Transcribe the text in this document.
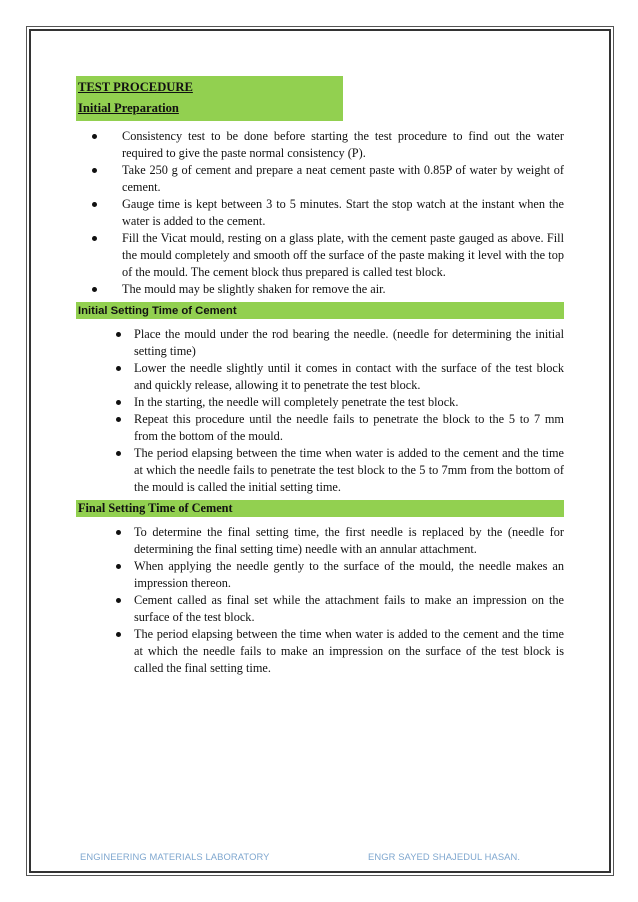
TEST PROCEDURE
Initial Preparation
Consistency test to be done before starting the test procedure to find out the water required to give the paste normal consistency (P).
Take 250 g of cement and prepare a neat cement paste with 0.85P of water by weight of cement.
Gauge time is kept between 3 to 5 minutes. Start the stop watch at the instant when the water is added to the cement.
Fill the Vicat mould, resting on a glass plate, with the cement paste gauged as above. Fill the mould completely and smooth off the surface of the paste making it level with the top of the mould. The cement block thus prepared is called test block.
The mould may be slightly shaken for remove the air.
Initial Setting Time of Cement
Place the mould under the rod bearing the needle. (needle for determining the initial setting time)
Lower the needle slightly until it comes in contact with the surface of the test block and quickly release, allowing it to penetrate the test block.
In the starting, the needle will completely penetrate the test block.
Repeat this procedure until the needle fails to penetrate the block to the 5 to 7 mm from the bottom of the mould.
The period elapsing between the time when water is added to the cement and the time at which the needle fails to penetrate the test block to the 5 to 7mm from the bottom of the mould is called the initial setting time.
Final Setting Time of Cement
To determine the final setting time, the first needle is replaced by the (needle for determining the final setting time) needle with an annular attachment.
When applying the needle gently to the surface of the mould, the needle makes an impression thereon.
Cement called as final set while the attachment fails to make an impression on the surface of the test block.
The period elapsing between the time when water is added to the cement and the time at which the needle fails to make an impression on the surface of the test block is called the final setting time.
ENGINEERING MATERIALS LABORATORY	ENGR SAYED SHAJEDUL HASAN.
